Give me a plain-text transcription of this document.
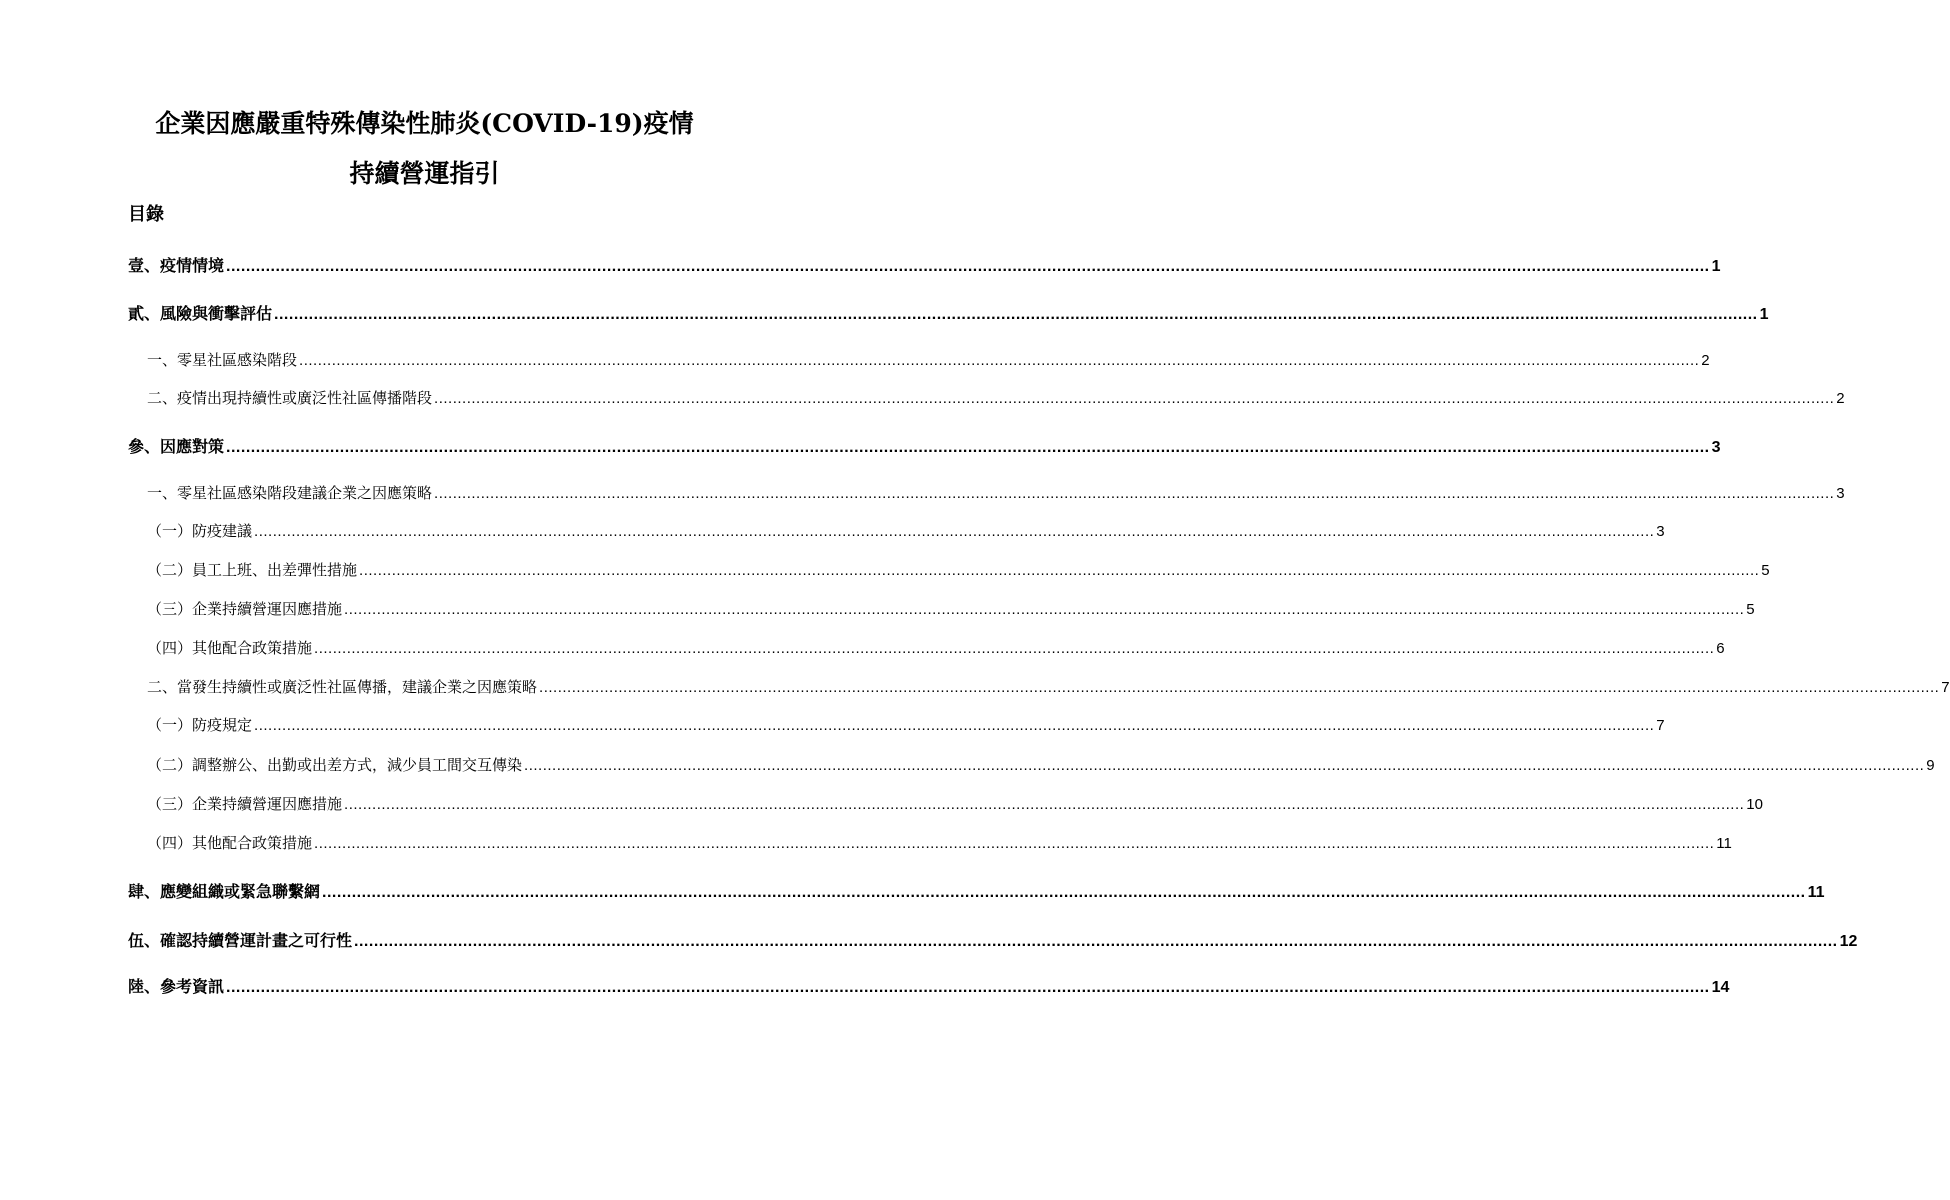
企業因應嚴重特殊傳染性肺炎(COVID-19)疫情
持續營運指引
目錄
壹、 疫情情境 ............................................................................................................................................................................................................................................................................................................ 1
貳、 風險與衝擊評估 ............................................................................................................................................................................................................................................................................................................ 1
一、 零星社區感染階段 ............................................................................................................................................................................................................................................................................................................ 2
二、 疫情出現持續性或廣泛性社區傳播階段 ............................................................................................................................................................................................................................................................................................................ 2
參、 因應對策 ............................................................................................................................................................................................................................................................................................................ 3
一、 零星社區感染階段建議企業之因應策略 ............................................................................................................................................................................................................................................................................................................ 3
（一） 防疫建議 ............................................................................................................................................................................................................................................................................................................ 3
（二） 員工上班、出差彈性措施 ............................................................................................................................................................................................................................................................................................................ 5
（三） 企業持續營運因應措施 ............................................................................................................................................................................................................................................................................................................ 5
（四） 其他配合政策措施 ............................................................................................................................................................................................................................................................................................................ 6
二、 當發生持續性或廣泛性社區傳播，建議企業之因應策略 ............................................................................................................................................................................................................................................................................................................ 7
（一） 防疫規定 ............................................................................................................................................................................................................................................................................................................ 7
（二） 調整辦公、出勤或出差方式，減少員工間交互傳染 ............................................................................................................................................................................................................................................................................................................ 9
（三） 企業持續營運因應措施 ............................................................................................................................................................................................................................................................................................................ 10
（四） 其他配合政策措施 ............................................................................................................................................................................................................................................................................................................ 11
肆、 應變組織或緊急聯繫網 ............................................................................................................................................................................................................................................................................................................ 11
伍、 確認持續營運計畫之可行性 ............................................................................................................................................................................................................................................................................................................ 12
陸、 參考資訊 ............................................................................................................................................................................................................................................................................................................ 14
